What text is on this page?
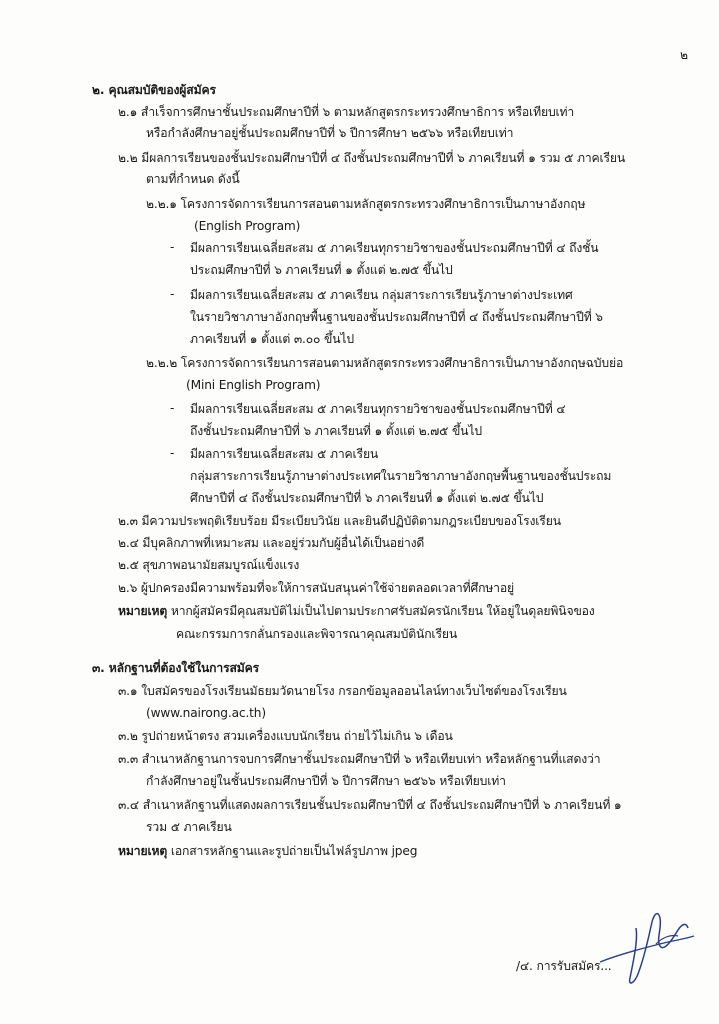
๒
๒. คุณสมบัติของผู้สมัคร
๒.๑ สำเร็จการศึกษาชั้นประถมศึกษาปีที่ ๖ ตามหลักสูตรกระทรวงศึกษาธิการ หรือเทียบเท่า
หรือกำลังศึกษาอยู่ชั้นประถมศึกษาปีที่ ๖ ปีการศึกษา ๒๕๖๖ หรือเทียบเท่า
๒.๒ มีผลการเรียนของชั้นประถมศึกษาปีที่ ๔ ถึงชั้นประถมศึกษาปีที่ ๖ ภาคเรียนที่ ๑ รวม ๕ ภาคเรียน
ตามที่กำหนด ดังนี้
๒.๒.๑ โครงการจัดการเรียนการสอนตามหลักสูตรกระทรวงศึกษาธิการเป็นภาษาอังกฤษ
(English Program)
- มีผลการเรียนเฉลี่ยสะสม ๕ ภาคเรียนทุกรายวิชาของชั้นประถมศึกษาปีที่ ๔ ถึงชั้น
ประถมศึกษาปีที่ ๖ ภาคเรียนที่ ๑ ตั้งแต่ ๒.๗๕ ขึ้นไป
- มีผลการเรียนเฉลี่ยสะสม ๕ ภาคเรียน กลุ่มสาระการเรียนรู้ภาษาต่างประเทศ
ในรายวิชาภาษาอังกฤษพื้นฐานของชั้นประถมศึกษาปีที่ ๔ ถึงชั้นประถมศึกษาปีที่ ๖
ภาคเรียนที่ ๑ ตั้งแต่ ๓.๐๐ ขึ้นไป
๒.๒.๒ โครงการจัดการเรียนการสอนตามหลักสูตรกระทรวงศึกษาธิการเป็นภาษาอังกฤษฉบับย่อ
(Mini English Program)
- มีผลการเรียนเฉลี่ยสะสม ๕ ภาคเรียนทุกรายวิชาของชั้นประถมศึกษาปีที่ ๔
ถึงชั้นประถมศึกษาปีที่ ๖ ภาคเรียนที่ ๑ ตั้งแต่ ๒.๗๕ ขึ้นไป
- มีผลการเรียนเฉลี่ยสะสม ๕ ภาคเรียน
กลุ่มสาระการเรียนรู้ภาษาต่างประเทศในรายวิชาภาษาอังกฤษพื้นฐานของชั้นประถม
ศึกษาปีที่ ๔ ถึงชั้นประถมศึกษาปีที่ ๖ ภาคเรียนที่ ๑ ตั้งแต่ ๒.๗๕ ขึ้นไป
๒.๓ มีความประพฤติเรียบร้อย มีระเบียบวินัย และยินดีปฏิบัติตามกฎระเบียบของโรงเรียน
๒.๔ มีบุคลิกภาพที่เหมาะสม และอยู่ร่วมกับผู้อื่นได้เป็นอย่างดี
๒.๕ สุขภาพอนามัยสมบูรณ์แข็งแรง
๒.๖ ผู้ปกครองมีความพร้อมที่จะให้การสนับสนุนค่าใช้จ่ายตลอดเวลาที่ศึกษาอยู่
หมายเหตุ หากผู้สมัครมีคุณสมบัติไม่เป็นไปตามประกาศรับสมัครนักเรียน ให้อยู่ในดุลยพินิจของ
คณะกรรมการกลั่นกรองและพิจารณาคุณสมบัตินักเรียน
๓. หลักฐานที่ต้องใช้ในการสมัคร
๓.๑ ใบสมัครของโรงเรียนมัธยมวัดนายโรง กรอกข้อมูลออนไลน์ทางเว็บไซต์ของโรงเรียน
(www.nairong.ac.th)
๓.๒ รูปถ่ายหน้าตรง สวมเครื่องแบบนักเรียน ถ่ายไว้ไม่เกิน ๖ เดือน
๓.๓ สำเนาหลักฐานการจบการศึกษาชั้นประถมศึกษาปีที่ ๖ หรือเทียบเท่า หรือหลักฐานที่แสดงว่า
กำลังศึกษาอยู่ในชั้นประถมศึกษาปีที่ ๖ ปีการศึกษา ๒๕๖๖ หรือเทียบเท่า
๓.๔ สำเนาหลักฐานที่แสดงผลการเรียนชั้นประถมศึกษาปีที่ ๔ ถึงชั้นประถมศึกษาปีที่ ๖ ภาคเรียนที่ ๑
รวม ๕ ภาคเรียน
หมายเหตุ เอกสารหลักฐานและรูปถ่ายเป็นไฟล์รูปภาพ jpeg
/๔. การรับสมัคร...
